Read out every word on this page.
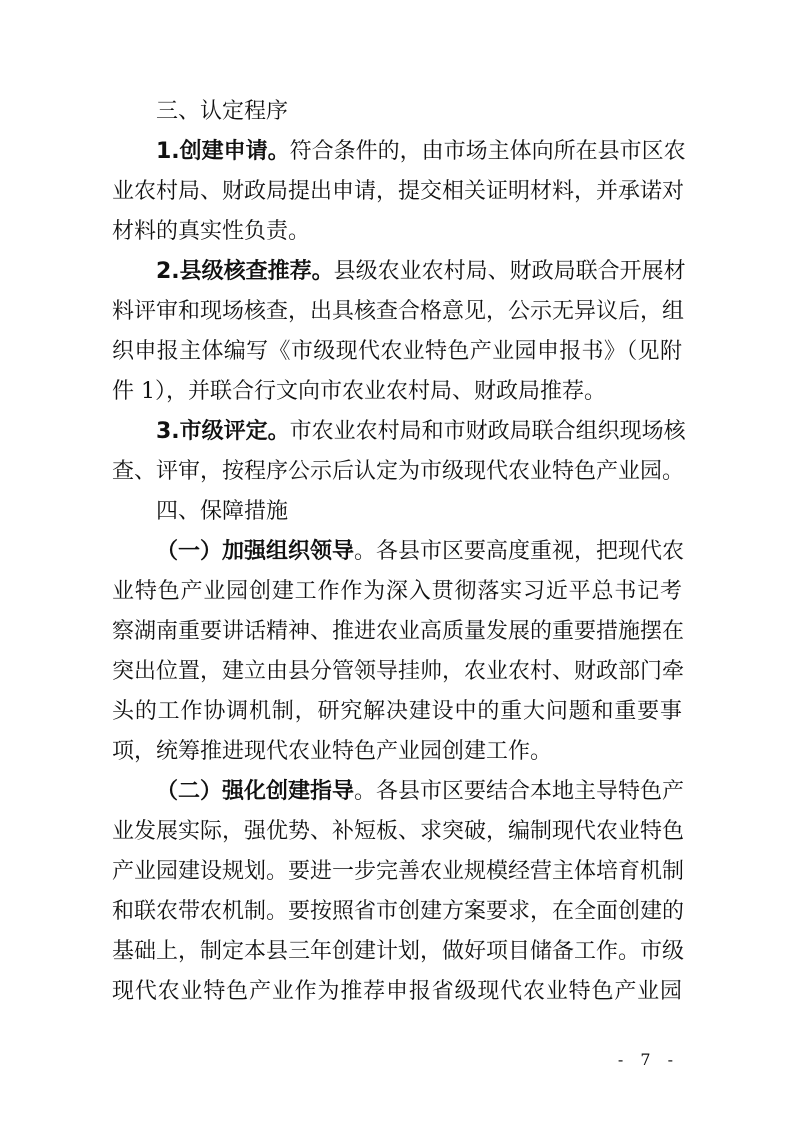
三、认定程序

1.创建申请。符合条件的，由市场主体向所在县市区农

业农村局、财政局提出申请，提交相关证明材料，并承诺对

材料的真实性负责。

2.县级核查推荐。县级农业农村局、财政局联合开展材

料评审和现场核查，出具核查合格意见，公示无异议后，组

织申报主体编写《市级现代农业特色产业园申报书》（见附

件 1），并联合行文向市农业农村局、财政局推荐。

3.市级评定。市农业农村局和市财政局联合组织现场核

查、评审，按程序公示后认定为市级现代农业特色产业园。

四、保障措施

（一）加强组织领导。各县市区要高度重视，把现代农

业特色产业园创建工作作为深入贯彻落实习近平总书记考

察湖南重要讲话精神、推进农业高质量发展的重要措施摆在

突出位置，建立由县分管领导挂帅，农业农村、财政部门牵

头的工作协调机制，研究解决建设中的重大问题和重要事

项，统筹推进现代农业特色产业园创建工作。

（二）强化创建指导。各县市区要结合本地主导特色产

业发展实际，强优势、补短板、求突破，编制现代农业特色

产业园建设规划。要进一步完善农业规模经营主体培育机制

和联农带农机制。要按照省市创建方案要求，在全面创建的

基础上，制定本县三年创建计划，做好项目储备工作。市级

现代农业特色产业作为推荐申报省级现代农业特色产业园

- 7 -
